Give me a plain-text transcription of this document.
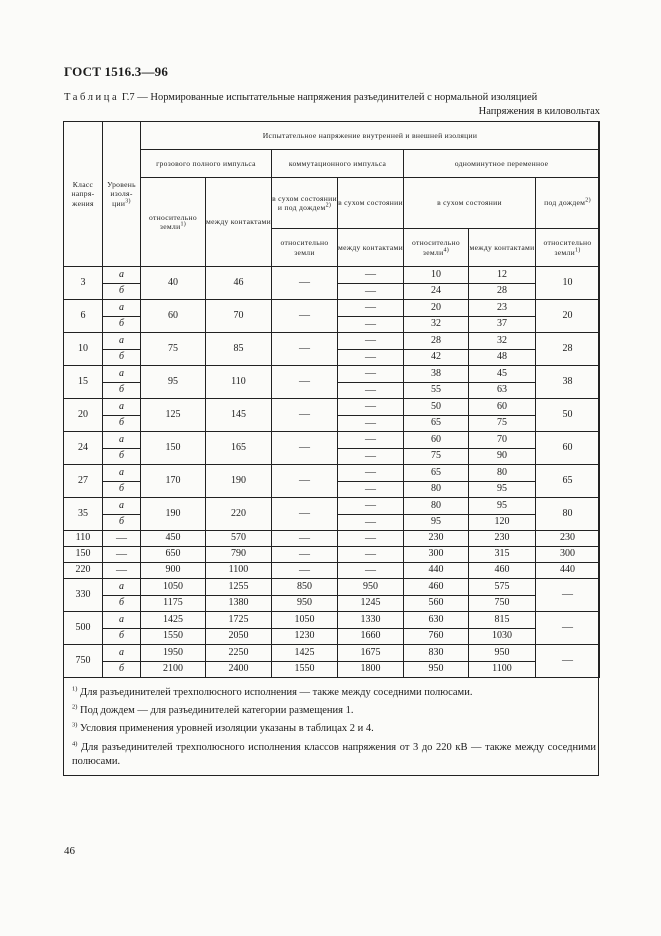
ГОСТ 1516.3—96
Таблица Г.7 — Нормированные испытательные напряжения разъединителей с нормальной изоляцией
Напряжения в киловольтах
Класс напря-жения	Уровень изоля-ции$^{3)}$	Испытательное напряжение внутренней и внешней изоляции						
		грозового полного импульса		коммутационного импульса		одноминутное переменное		
		относительно земли$^{1)}$	между контактами	в сухом состоянии и под дождем$^{2)}$	в сухом состоянии	в сухом состоянии		под дождем$^{2)}$
				относительно земли	между контактами	относительно земли$^{4)}$	между контактами	относительно земли$^{1)}$
3	а	40	46	—	—	10	12	10
	б				—	24	28	
6	а	60	70	—	—	20	23	20
	б				—	32	37	
10	а	75	85	—	—	28	32	28
	б				—	42	48	
15	а	95	110	—	—	38	45	38
	б				—	55	63	
20	а	125	145	—	—	50	60	50
	б				—	65	75	
24	а	150	165	—	—	60	70	60
	б				—	75	90	
27	а	170	190	—	—	65	80	65
	б				—	80	95	
35	а	190	220	—	—	80	95	80
	б				—	95	120	
110	—	450	570	—	—	230	230	230
150	—	650	790	—	—	300	315	300
220	—	900	1100	—	—	440	460	440
330	а	1050	1255	850	950	460	575	—
	б	1175	1380	950	1245	560	750	
500	а	1425	1725	1050	1330	630	815	—
	б	1550	2050	1230	1660	760	1030	
750	а	1950	2250	1425	1675	830	950	—
	б	2100	2400	1550	1800	950	1100	
$^{1)}$ Для разъединителей трехполюсного исполнения — также между соседними полюсами.
$^{2)}$ Под дождем — для разъединителей категории размещения 1.
$^{3)}$ Условия применения уровней изоляции указаны в таблицах 2 и 4.
$^{4)}$ Для разъединителей трехполюсного исполнения классов напряжения от 3 до 220 кВ — также между соседними полюсами.
46
